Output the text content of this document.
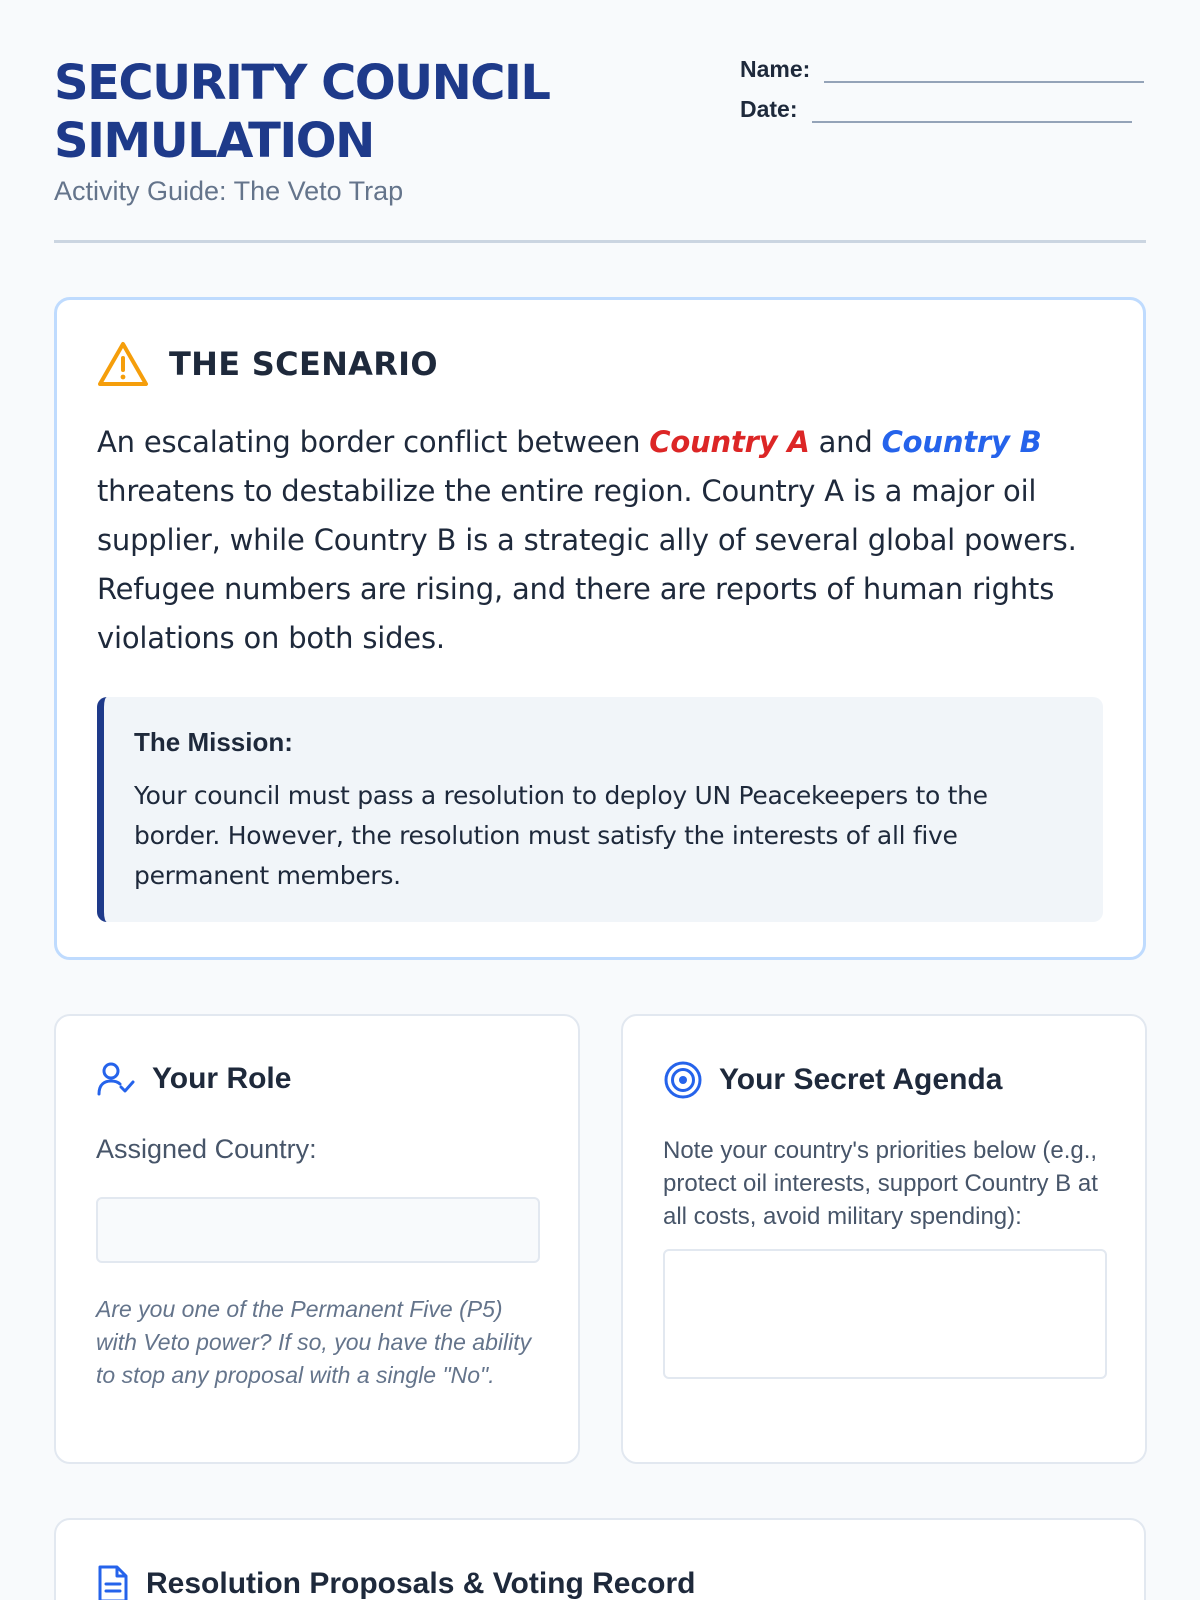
SECURITY COUNCIL
SIMULATION
Activity Guide: The Veto Trap
Name:
Date:
THE SCENARIO

An escalating border conflict between Country A and Country B threatens to destabilize the entire region. Country A is a major oil supplier, while Country B is a strategic ally of several global powers. Refugee numbers are rising, and there are reports of human rights violations on both sides.

The Mission:

Your council must pass a resolution to deploy UN Peacekeepers to the border. However, the resolution must satisfy the interests of all five permanent members.

Your Role
Assigned Country:

Are you one of the Permanent Five (P5) with Veto power? If so, you have the ability to stop any proposal with a single "No".

Your Secret Agenda

Note your country's priorities below (e.g., protect oil interests, support Country B at all costs, avoid military spending):

Resolution Proposals & Voting Record
